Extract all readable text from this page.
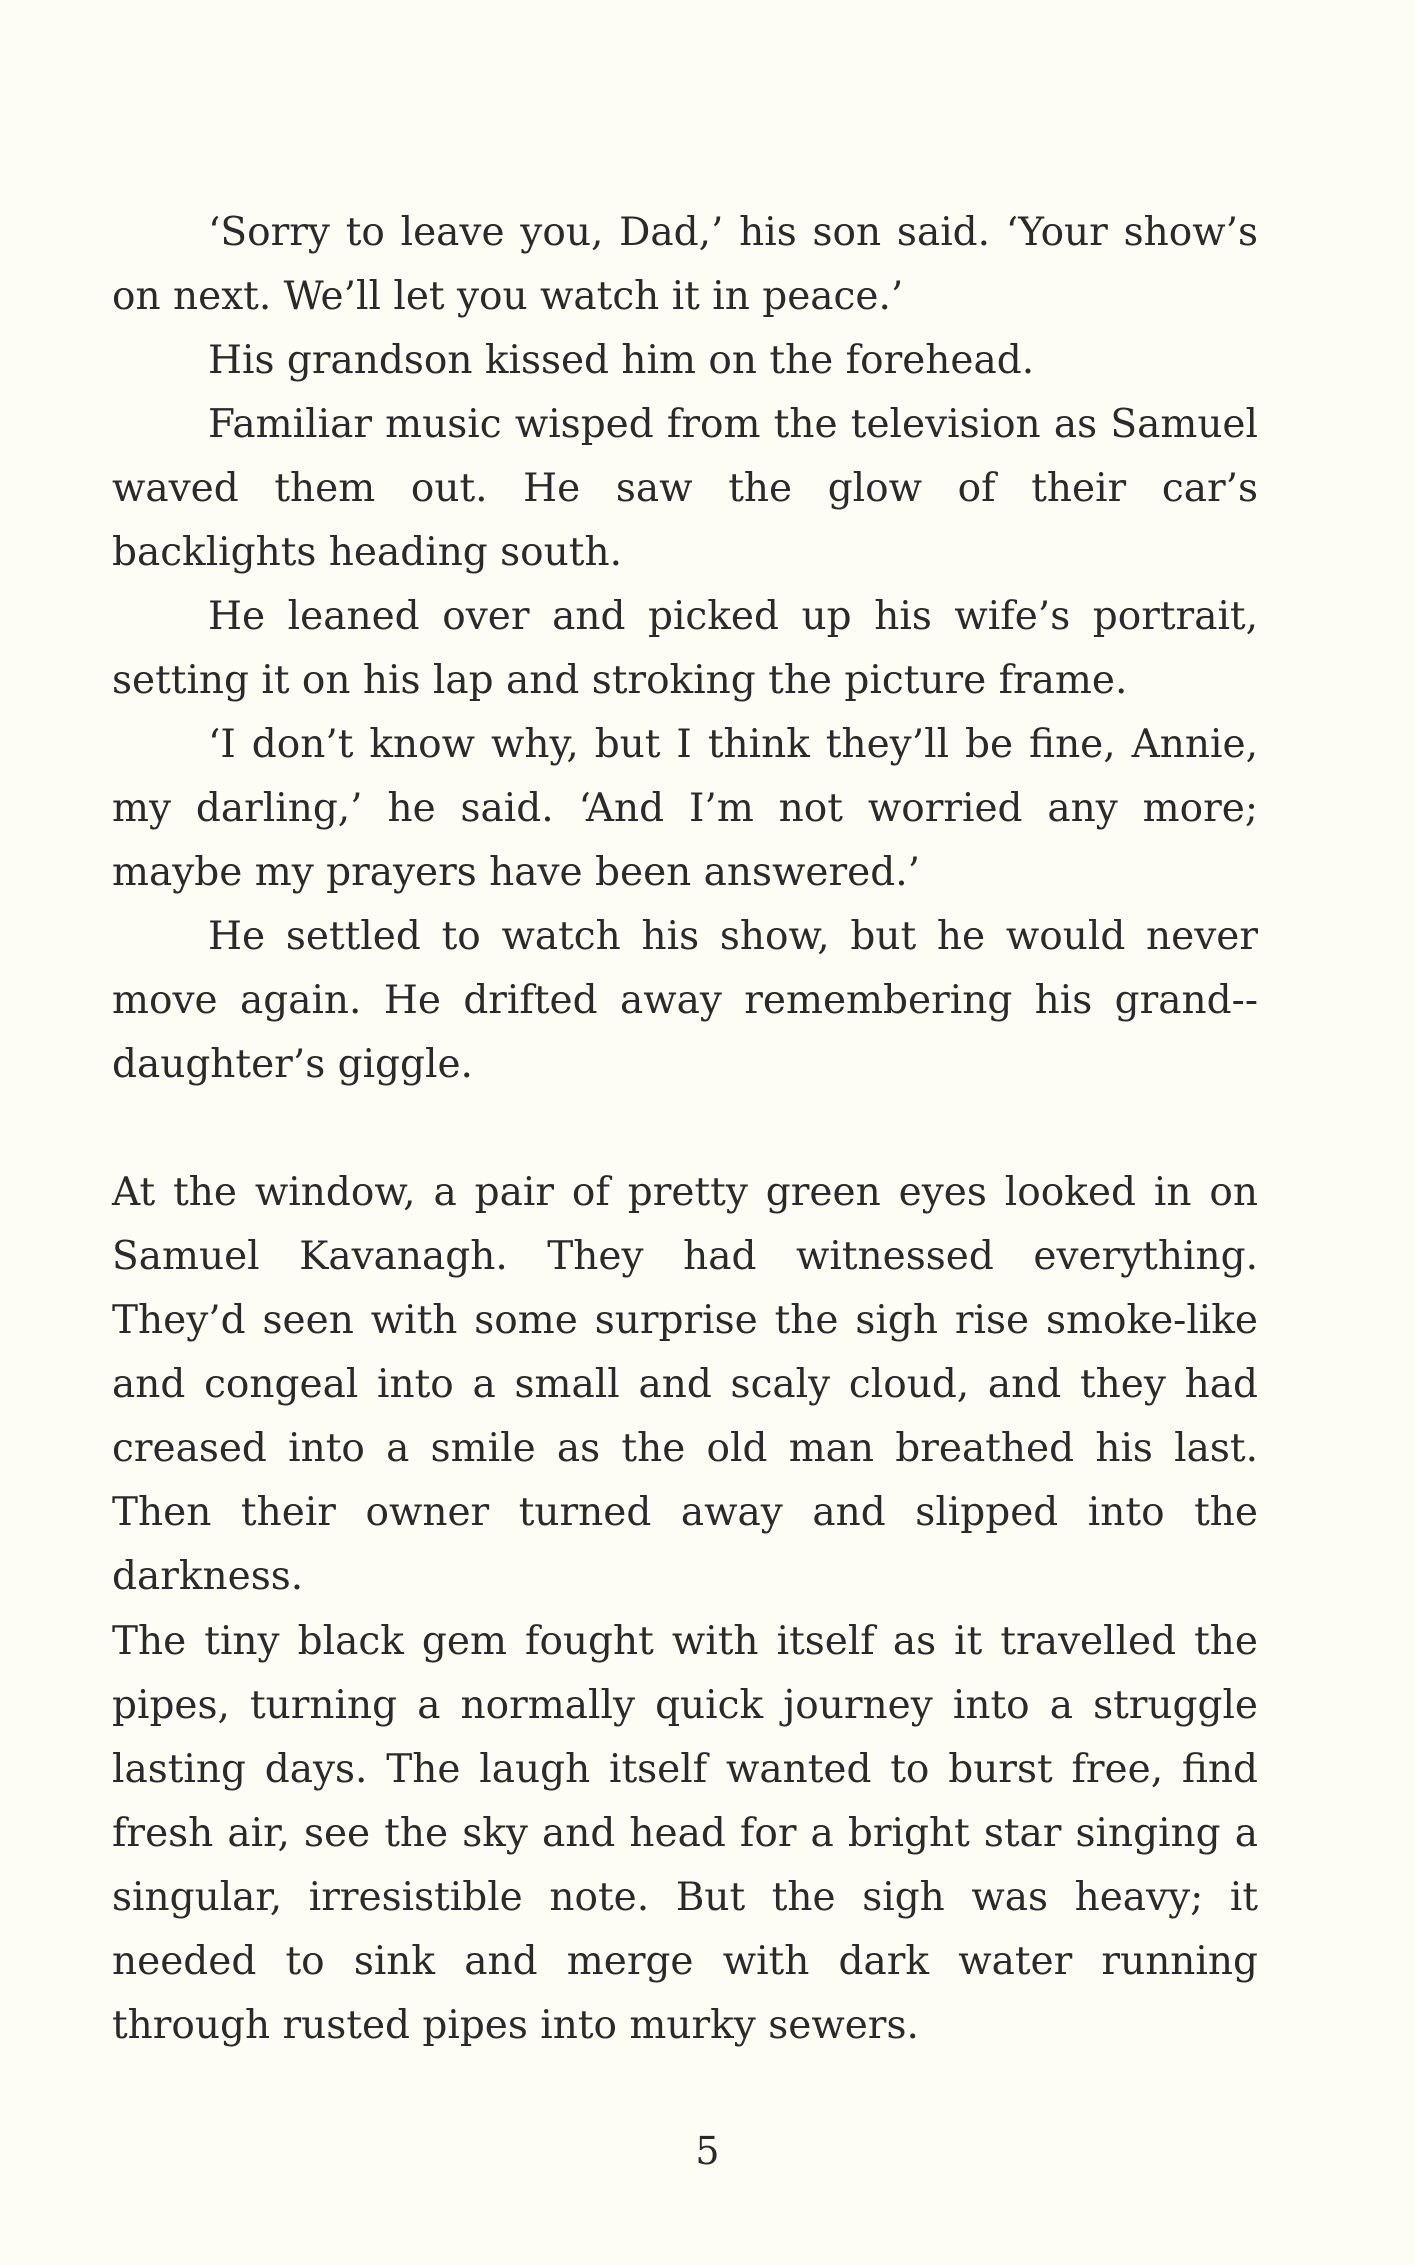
‘Sorry to leave you, Dad,’ his son said. ‘Your show’s on next. We’ll let you watch it in peace.’

His grandson kissed him on the forehead.

Familiar music wisped from the television as Samuel waved them out. He saw the glow of their car’s backlights heading south.

He leaned over and picked up his wife’s portrait, setting it on his lap and stroking the picture frame.

‘I don’t know why, but I think they’ll be fine, Annie, my darling,’ he said. ‘And I’m not worried any more; maybe my prayers have been answered.’

He settled to watch his show, but he would never move again. He drifted away remembering his grand-daughter’s giggle.

At the window, a pair of pretty green eyes looked in on Samuel Kavanagh. They had witnessed everything. They’d seen with some surprise the sigh rise smoke-like and congeal into a small and scaly cloud, and they had creased into a smile as the old man breathed his last. Then their owner turned away and slipped into the darkness.

The tiny black gem fought with itself as it travelled the pipes, turning a normally quick journey into a struggle lasting days. The laugh itself wanted to burst free, find fresh air, see the sky and head for a bright star singing a singular, irresistible note. But the sigh was heavy; it needed to sink and merge with dark water running through rusted pipes into murky sewers.

5
